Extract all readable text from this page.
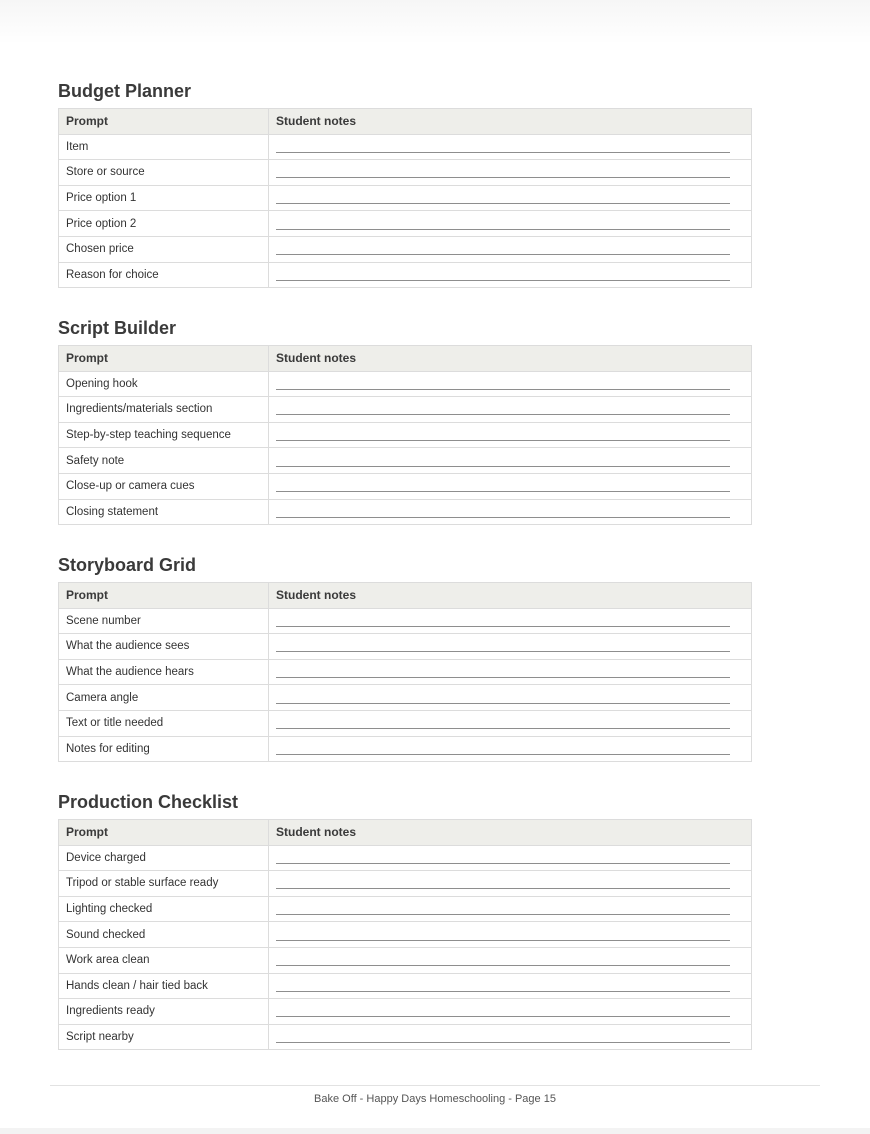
Budget Planner
Prompt	Student notes
Item	

Store or source	

Price option 1	

Price option 2	

Chosen price	

Reason for choice	
Script Builder
Prompt	Student notes
Opening hook	

Ingredients/materials section	

Step-by-step teaching sequence	

Safety note	

Close-up or camera cues	

Closing statement	
Storyboard Grid
Prompt	Student notes
Scene number	

What the audience sees	

What the audience hears	

Camera angle	

Text or title needed	

Notes for editing	
Production Checklist
Prompt	Student notes
Device charged	

Tripod or stable surface ready	

Lighting checked	

Sound checked	

Work area clean	

Hands clean / hair tied back	

Ingredients ready	

Script nearby	
Bake Off - Happy Days Homeschooling - Page 15
